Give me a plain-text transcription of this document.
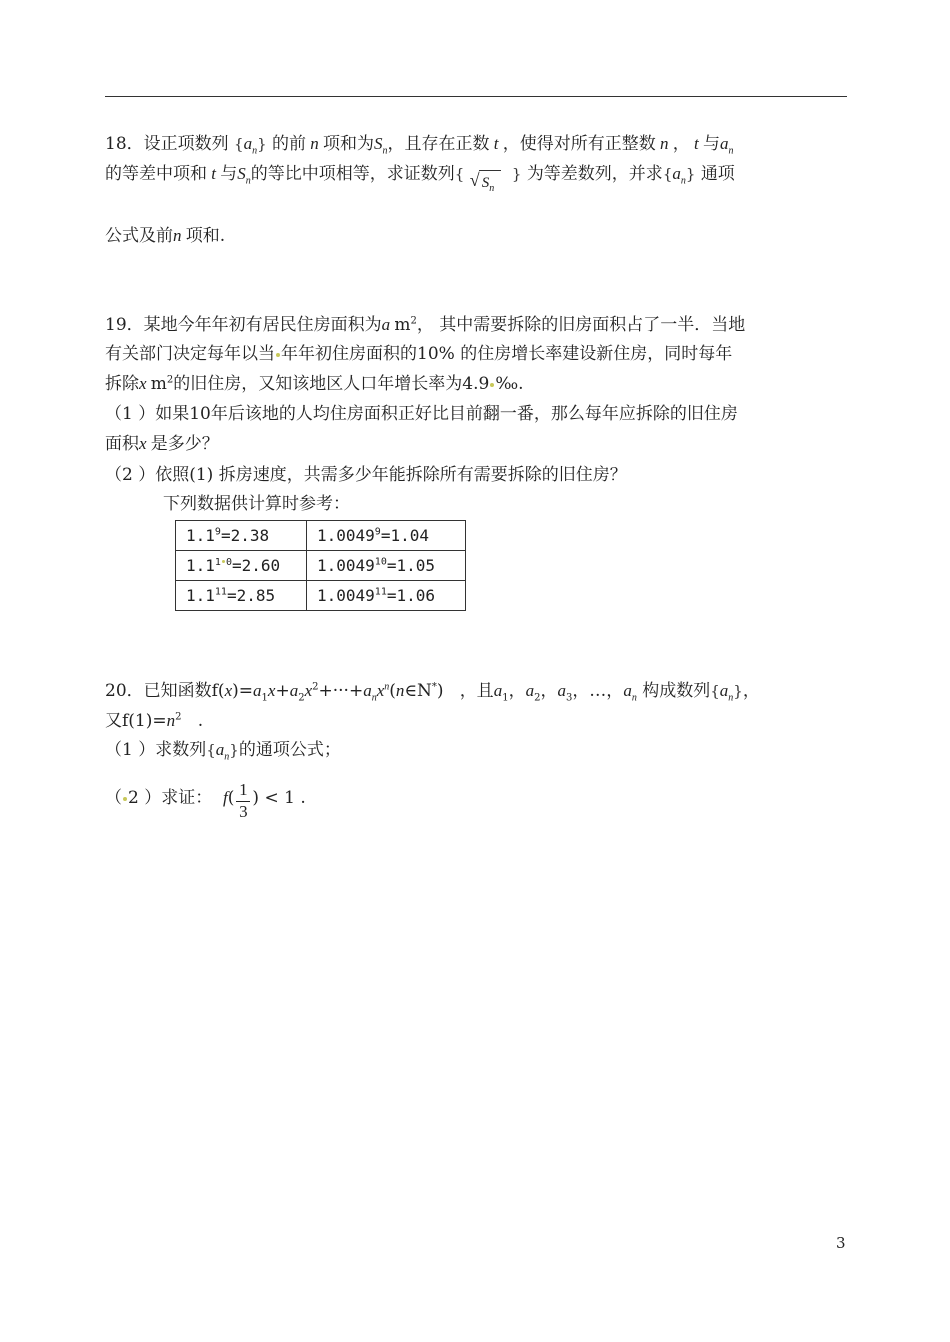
18．设正项数列 $\{a_n\}$ 的前 n 项和为$S_n$，且存在正数 t ，使得对所有正整数 n ， t 与$a_n$
的等差中项和 t 与$S_n$的等比中项相等，求证数列{ √ $S_n$
} 为等差数列，并求$\{a_n\}$ 通项
公式及前n 项和.
19．某地今年年初有居民住房面积为a $m^2$， 其中需要拆除的旧房面积占了一半．当地
有关部门决定每年以当 年年初住房面积的10% 的住房增长率建设新住房，同时每年
拆除x $m^2$的旧住房，又知该地区人口年增长率为4.9 ‰.
（1 ）如果10年后该地的人均住房面积正好比目前翻一番，那么每年应拆除的旧住房
面积x 是多少？
（2 ）依照(1) 拆房速度，共需多少年能拆除所有需要拆除的旧住房？
下列数据供计算时参考：
$1.1^9=2.38$	$1.0049^9=1.04$
$1.1^{1 0}=2.60$	$1.0049^{10}=1.05$
$1.1^{11}=2.85$	$1.0049^{11}=1.06$
20．已知函数$f(x)=a_1x+a_2x^2+\cdot\cdot\cdot+a_nx^n(n\in N^*)$   ，且$a_1$，$a_2$，$a_3$，…，$a_n$ 构成数列$\{a_n\}$，
又$f(1)=n^2$ .
（1 ）求数列$\{a_n\}$的通项公式；
（ 2 ）求证： $f( \frac{1}{3}$ ) < 1 .
3
